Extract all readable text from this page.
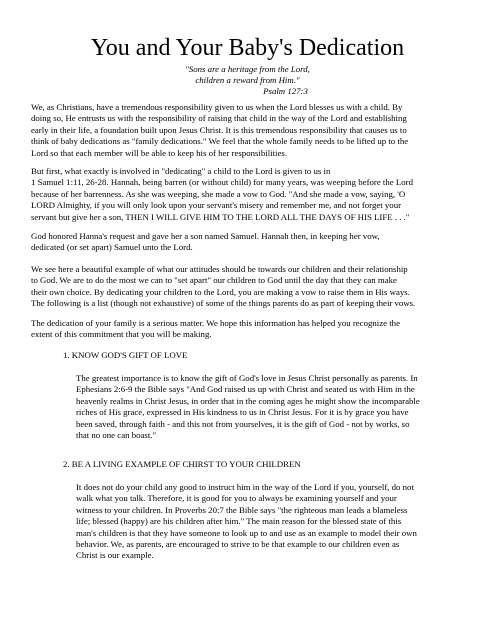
You and Your Baby's Dedication
"Sons are a heritage from the Lord,
children a reward from Him."
Psalm 127:3
We, as Christians, have a tremendous responsibility given to us when the Lord blesses us with a child. By
doing so, He entrusts us with the responsibility of raising that child in the way of the Lord and establishing
early in their life, a foundation built upon Jesus Christ. It is this tremendous responsibility that causes us to
think of baby dedications as "family dedications." We feel that the whole family needs to be lifted up to the
Lord so that each member will be able to keep his of her responsibilities.
But first, what exactly is involved in "dedicating" a child to the Lord is given to us in
1 Samuel 1:11, 26-28. Hannah, being barren (or without child) for many years, was weeping before the Lord
because of her barrenness. As she was weeping, she made a vow to God. "And she made a vow, saying, 'O
LORD Almighty, if you will only look upon your servant's misery and remember me, and not forget your
servant but give her a son, THEN I WILL GIVE HIM TO THE LORD ALL THE DAYS OF HIS LIFE . . ."
God honored Hanna's request and gave her a son named Samuel. Hannah then, in keeping her vow,
dedicated (or set apart) Samuel unto the Lord.
We see here a beautiful example of what our attitudes should be towards our children and their relationship
to God. We are to do the most we can to "set apart" our children to God until the day that they can make
their own choice. By dedicating your children to the Lord, you are making a vow to raise them in His ways.
The following is a list (though not exhaustive) of some of the things parents do as part of keeping their vows.
The dedication of your family is a serious matter. We hope this information has helped you recognize the
extent of this commitment that you will be making.
1. KNOW GOD'S GIFT OF LOVE
The greatest importance is to know the gift of God's love in Jesus Christ personally as parents. In
Ephesians 2:6-9 the Bible says "And God raised us up with Christ and seated us with Him in the
heavenly realms in Christ Jesus, in order that in the coming ages he might show the incomparable
riches of His grace, expressed in His kindness to us in Christ Jesus. For it is by grace you have
been saved, through faith - and this not from yourselves, it is the gift of God - not by works, so
that no one can boast."
2. BE A LIVING EXAMPLE OF CHIRST TO YOUR CHILDREN
It does not do your child any good to instruct him in the way of the Lord if you, yourself, do not
walk what you talk. Therefore, it is good for you to always be examining yourself and your
witness to your children. In Proverbs 20:7 the Bible says "the righteous man leads a blameless
life; blessed (happy) are his children after him." The main reason for the blessed state of this
man's children is that they have someone to look up to and use as an example to model their own
behavior. We, as parents, are encouraged to strive to be that example to our children even as
Christ is our example.
